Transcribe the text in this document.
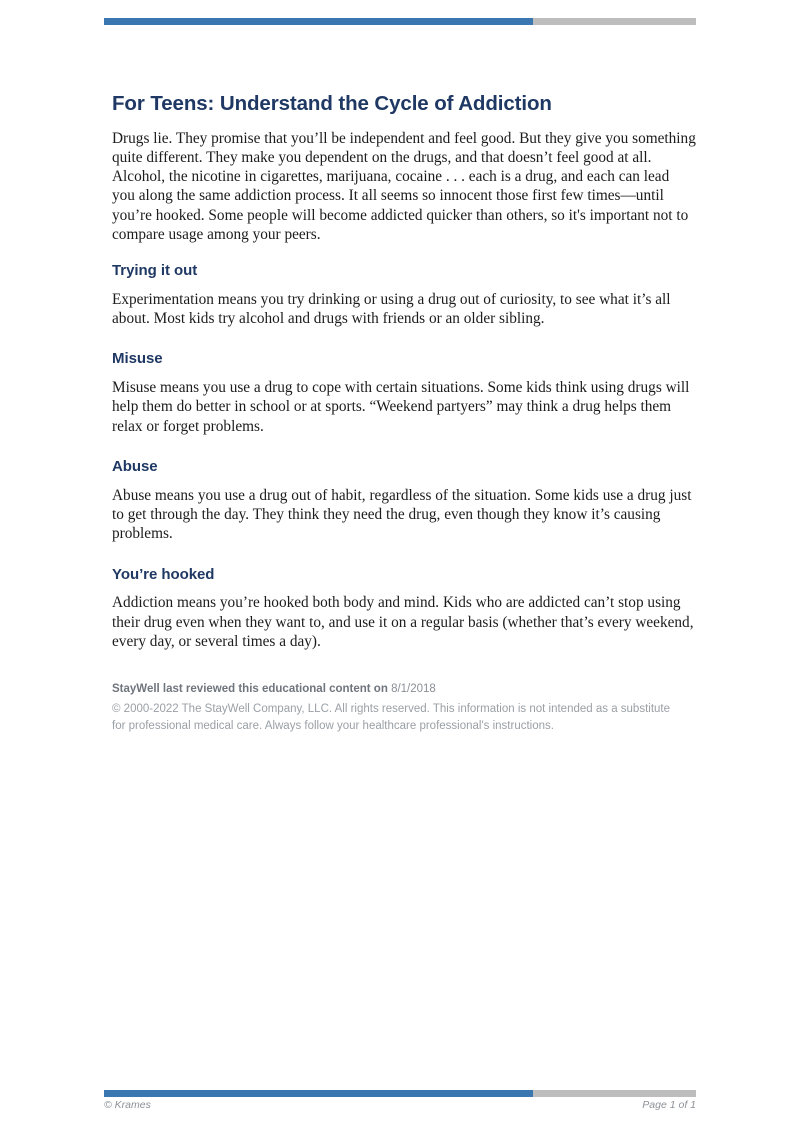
For Teens: Understand the Cycle of Addiction

Drugs lie. They promise that you’ll be independent and feel good. But they give you something quite different. They make you dependent on the drugs, and that doesn’t feel good at all. Alcohol, the nicotine in cigarettes, marijuana, cocaine . . . each is a drug, and each can lead you along the same addiction process. It all seems so innocent those first few times—until you’re hooked. Some people will become addicted quicker than others, so it's important not to compare usage among your peers.

Trying it out

Experimentation means you try drinking or using a drug out of curiosity, to see what it’s all about. Most kids try alcohol and drugs with friends or an older sibling.

Misuse

Misuse means you use a drug to cope with certain situations. Some kids think using drugs will help them do better in school or at sports. “Weekend partyers” may think a drug helps them relax or forget problems.

Abuse

Abuse means you use a drug out of habit, regardless of the situation. Some kids use a drug just to get through the day. They think they need the drug, even though they know it’s causing problems.

You’re hooked

Addiction means you’re hooked both body and mind. Kids who are addicted can’t stop using their drug even when they want to, and use it on a regular basis (whether that’s every weekend, every day, or several times a day).

StayWell last reviewed this educational content on 8/1/2018

© 2000-2022 The StayWell Company, LLC. All rights reserved. This information is not intended as a substitute for professional medical care. Always follow your healthcare professional's instructions.

© Krames	Page 1 of 1
